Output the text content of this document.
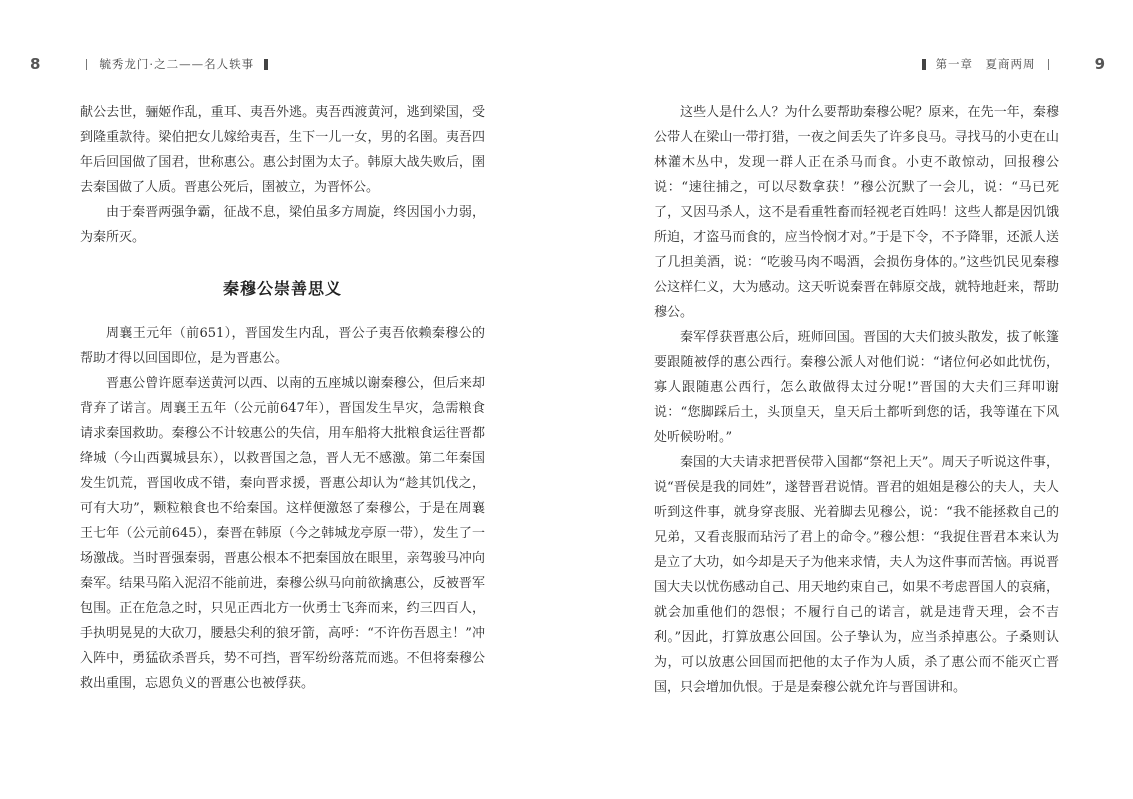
8	毓秀龙门·之二——名人轶事

献公去世，骊姬作乱，重耳、夷吾外逃。夷吾西渡黄河，逃到梁国，受到隆重款待。梁伯把女儿嫁给夷吾，生下一儿一女，男的名圉。夷吾四年后回国做了国君，世称惠公。惠公封圉为太子。韩原大战失败后，圉去秦国做了人质。晋惠公死后，圉被立，为晋怀公。

由于秦晋两强争霸，征战不息，梁伯虽多方周旋，终因国小力弱，为秦所灭。

秦穆公崇善思义

周襄王元年（前651），晋国发生内乱，晋公子夷吾依赖秦穆公的帮助才得以回国即位，是为晋惠公。

晋惠公曾许愿奉送黄河以西、以南的五座城以谢秦穆公，但后来却背弃了诺言。周襄王五年（公元前647年），晋国发生旱灾，急需粮食请求秦国救助。秦穆公不计较惠公的失信，用车船将大批粮食运往晋都绛城（今山西翼城县东），以救晋国之急，晋人无不感激。第二年秦国发生饥荒，晋国收成不错，秦向晋求援，晋惠公却认为“趁其饥伐之，可有大功”，颗粒粮食也不给秦国。这样便激怒了秦穆公，于是在周襄王七年（公元前645），秦晋在韩原（今之韩城龙亭原一带），发生了一场激战。当时晋强秦弱，晋惠公根本不把秦国放在眼里，亲驾骏马冲向秦军。结果马陷入泥沼不能前进，秦穆公纵马向前欲擒惠公，反被晋军包围。正在危急之时，只见正西北方一伙勇士飞奔而来，约三四百人，手执明晃晃的大砍刀，腰悬尖利的狼牙箭，高呼：“不许伤吾恩主！”冲入阵中，勇猛砍杀晋兵，势不可挡，晋军纷纷落荒而逃。不但将秦穆公救出重围，忘恩负义的晋惠公也被俘获。

第一章　夏商两周	9

这些人是什么人？为什么要帮助秦穆公呢？原来，在先一年，秦穆公带人在梁山一带打猎，一夜之间丢失了许多良马。寻找马的小吏在山林灌木丛中，发现一群人正在杀马而食。小吏不敢惊动，回报穆公说：“速往捕之，可以尽数拿获！”穆公沉默了一会儿，说：“马已死了，又因马杀人，这不是看重牲畜而轻视老百姓吗！这些人都是因饥饿所迫，才盗马而食的，应当怜悯才对。”于是下令，不予降罪，还派人送了几担美酒，说：“吃骏马肉不喝酒，会损伤身体的。”这些饥民见秦穆公这样仁义，大为感动。这天听说秦晋在韩原交战，就特地赶来，帮助穆公。

秦军俘获晋惠公后，班师回国。晋国的大夫们披头散发，拔了帐篷要跟随被俘的惠公西行。秦穆公派人对他们说：“诸位何必如此忧伤，寡人跟随惠公西行，怎么敢做得太过分呢!”晋国的大夫们三拜叩谢说：“您脚踩后土，头顶皇天，皇天后土都听到您的话，我等谨在下风处听候吩咐。”

秦国的大夫请求把晋侯带入国都“祭祀上天”。周天子听说这件事，说“晋侯是我的同姓”，遂替晋君说情。晋君的姐姐是穆公的夫人，夫人听到这件事，就身穿丧服、光着脚去见穆公，说：“我不能拯救自己的兄弟，又看丧服而玷污了君上的命令。”穆公想：“我捉住晋君本来认为是立了大功，如今却是天子为他来求情，夫人为这件事而苦恼。再说晋国大夫以忧伤感动自己、用天地约束自己，如果不考虑晋国人的哀痛，就会加重他们的怨恨；不履行自己的诺言，就是违背天理，会不吉利。”因此，打算放惠公回国。公子挚认为，应当杀掉惠公。子桑则认为，可以放惠公回国而把他的太子作为人质，杀了惠公而不能灭亡晋国，只会增加仇恨。于是是秦穆公就允许与晋国讲和。
